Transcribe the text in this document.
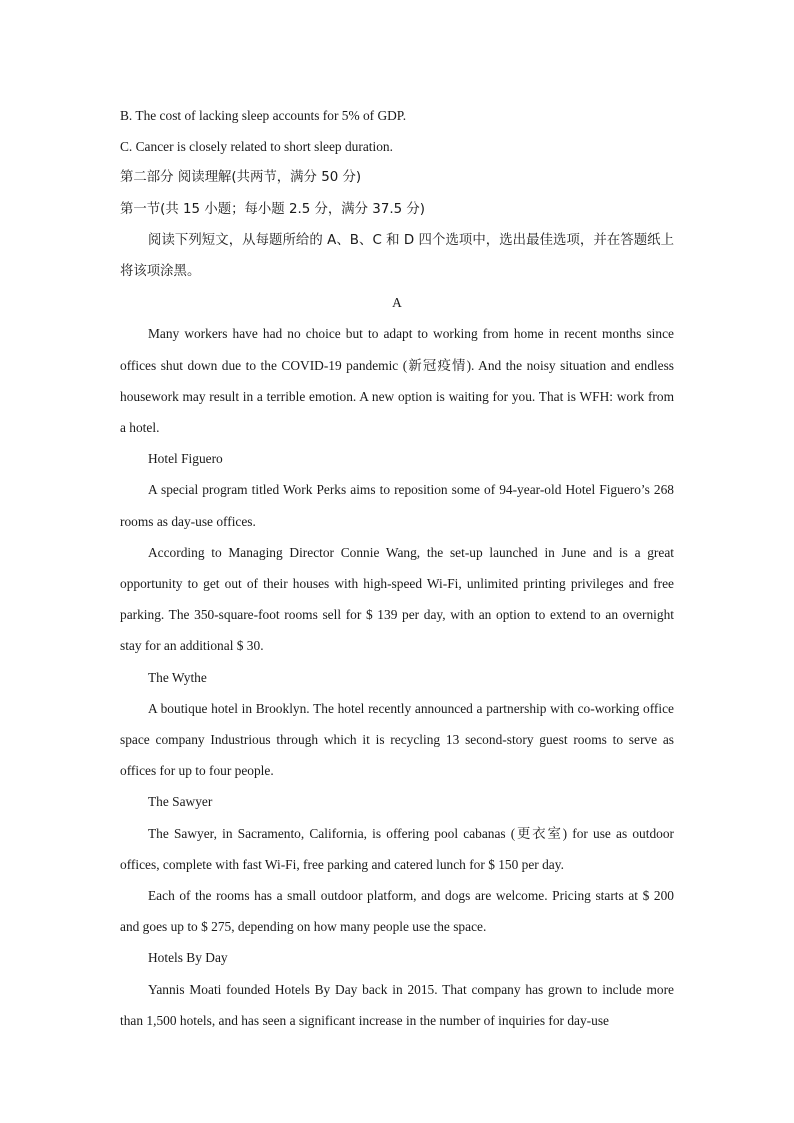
B. The cost of lacking sleep accounts for 5% of GDP.

C. Cancer is closely related to short sleep duration.

第二部分 阅读理解(共两节，满分 50 分)

第一节(共 15 小题；每小题 2.5 分，满分 37.5 分)

阅读下列短文，从每题所给的 A、B、C 和 D 四个选项中，选出最佳选项，并在答题纸上将该项涂黑。

A

Many workers have had no choice but to adapt to working from home in recent months since offices shut down due to the COVID-19 pandemic (新冠疫情). And the noisy situation and endless housework may result in a terrible emotion. A new option is waiting for you. That is WFH: work from a hotel.

Hotel Figuero

A special program titled Work Perks aims to reposition some of 94-year-old Hotel Figuero’s 268 rooms as day-use offices.

According to Managing Director Connie Wang, the set-up launched in June and is a great opportunity to get out of their houses with high-speed Wi-Fi, unlimited printing privileges and free parking. The 350-square-foot rooms sell for $ 139 per day, with an option to extend to an overnight stay for an additional $ 30.

The Wythe

A boutique hotel in Brooklyn. The hotel recently announced a partnership with co-working office space company Industrious through which it is recycling 13 second-story guest rooms to serve as offices for up to four people.

The Sawyer

The Sawyer, in Sacramento, California, is offering pool cabanas (更衣室) for use as outdoor offices, complete with fast Wi-Fi, free parking and catered lunch for $ 150 per day.

Each of the rooms has a small outdoor platform, and dogs are welcome. Pricing starts at $ 200 and goes up to $ 275, depending on how many people use the space.

Hotels By Day

Yannis Moati founded Hotels By Day back in 2015. That company has grown to include more than 1,500 hotels, and has seen a significant increase in the number of inquiries for day-use
